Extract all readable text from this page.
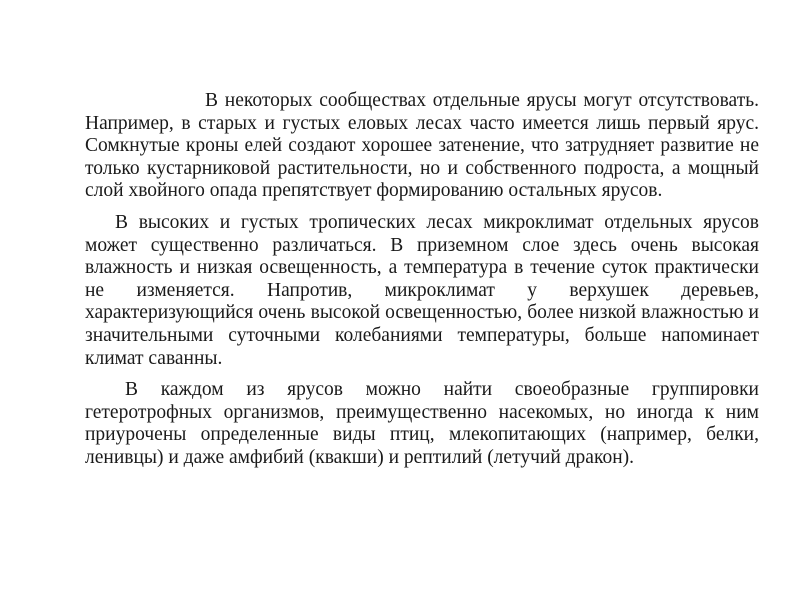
В некоторых сообществах отдельные ярусы могут отсутствовать. Например, в старых и густых еловых лесах часто имеется лишь первый ярус. Сомкнутые кроны елей создают хорошее затенение, что затрудняет развитие не только кустарниковой растительности, но и собственного подроста, а мощный слой хвойного опада препятствует формированию остальных ярусов.

В высоких и густых тропических лесах микроклимат отдельных ярусов может существенно различаться. В приземном слое здесь очень высокая влажность и низкая освещенность, а температура в течение суток практически не изменяется. Напротив, микроклимат у верхушек деревьев, характеризующийся очень высокой освещенностью, более низкой влажностью и значительными суточными колебаниями температуры, больше напоминает климат саванны.

В каждом из ярусов можно найти своеобразные группировки гетеротрофных организмов, преимущественно насекомых, но иногда к ним приурочены определенные виды птиц, млекопитающих (например, белки, ленивцы) и даже амфибий (квакши) и рептилий (летучий дракон).
